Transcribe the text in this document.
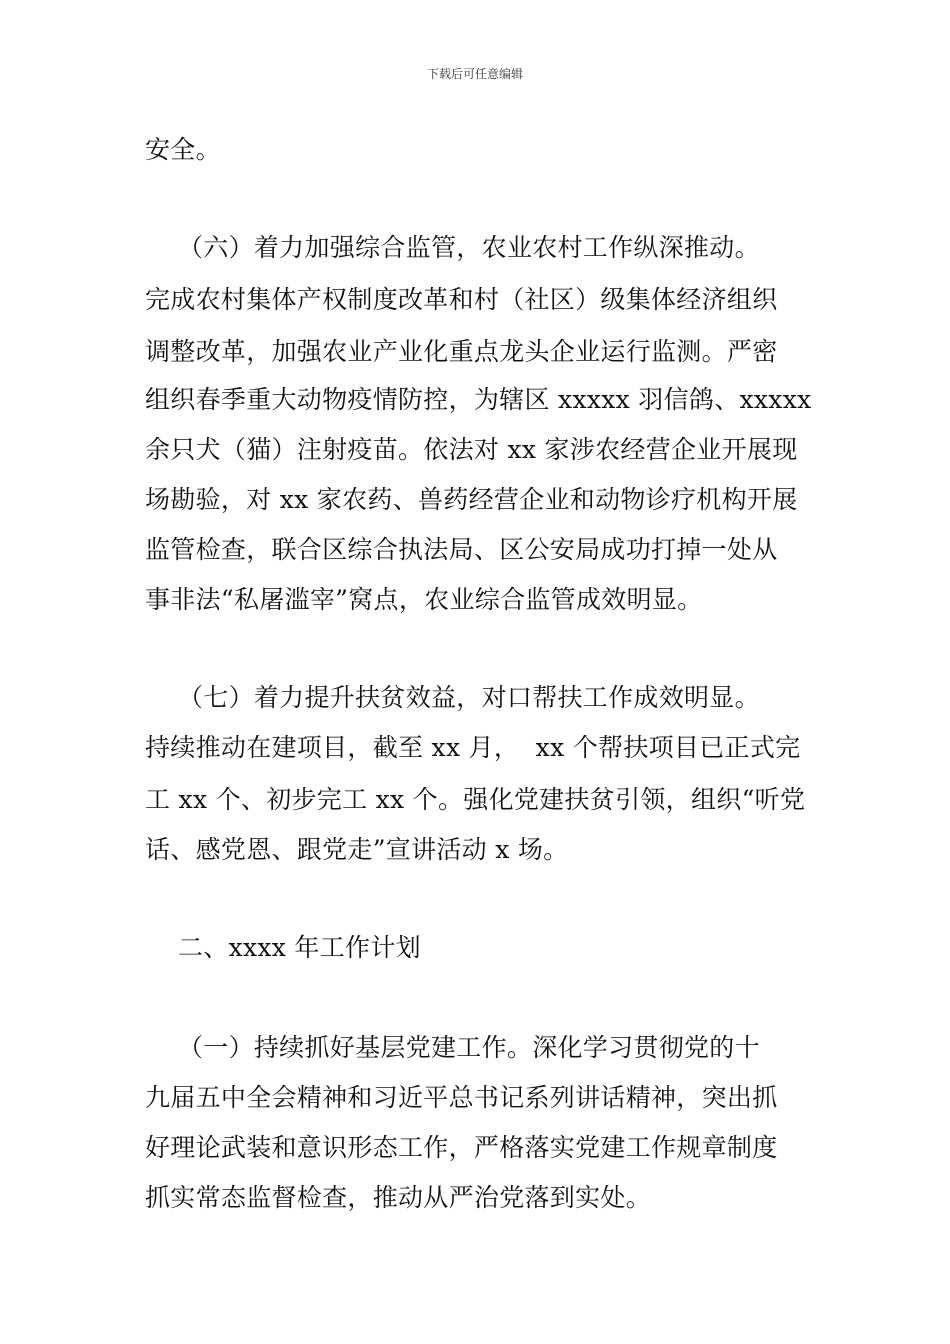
下载后可任意编辑
安全。
（六）着力加强综合监管，农业农村工作纵深推动。
完成农村集体产权制度改革和村（社区）级集体经济组织
调整改革，加强农业产业化重点龙头企业运行监测。严密
组织春季重大动物疫情防控，为辖区 xxxxx 羽信鸽、xxxxx
余只犬（猫）注射疫苗。依法对 xx 家涉农经营企业开展现
场勘验，对 xx 家农药、兽药经营企业和动物诊疗机构开展
监管检查，联合区综合执法局、区公安局成功打掉一处从
事非法“私屠滥宰”窝点，农业综合监管成效明显。
（七）着力提升扶贫效益，对口帮扶工作成效明显。
持续推动在建项目，截至 xx 月，  xx 个帮扶项目已正式完
工 xx 个、初步完工 xx 个。强化党建扶贫引领，组织“听党
话、感党恩、跟党走”宣讲活动 x 场。
二、xxxx 年工作计划
（一）持续抓好基层党建工作。深化学习贯彻党的十
九届五中全会精神和习近平总书记系列讲话精神，突出抓
好理论武装和意识形态工作，严格落实党建工作规章制度
抓实常态监督检查，推动从严治党落到实处。
